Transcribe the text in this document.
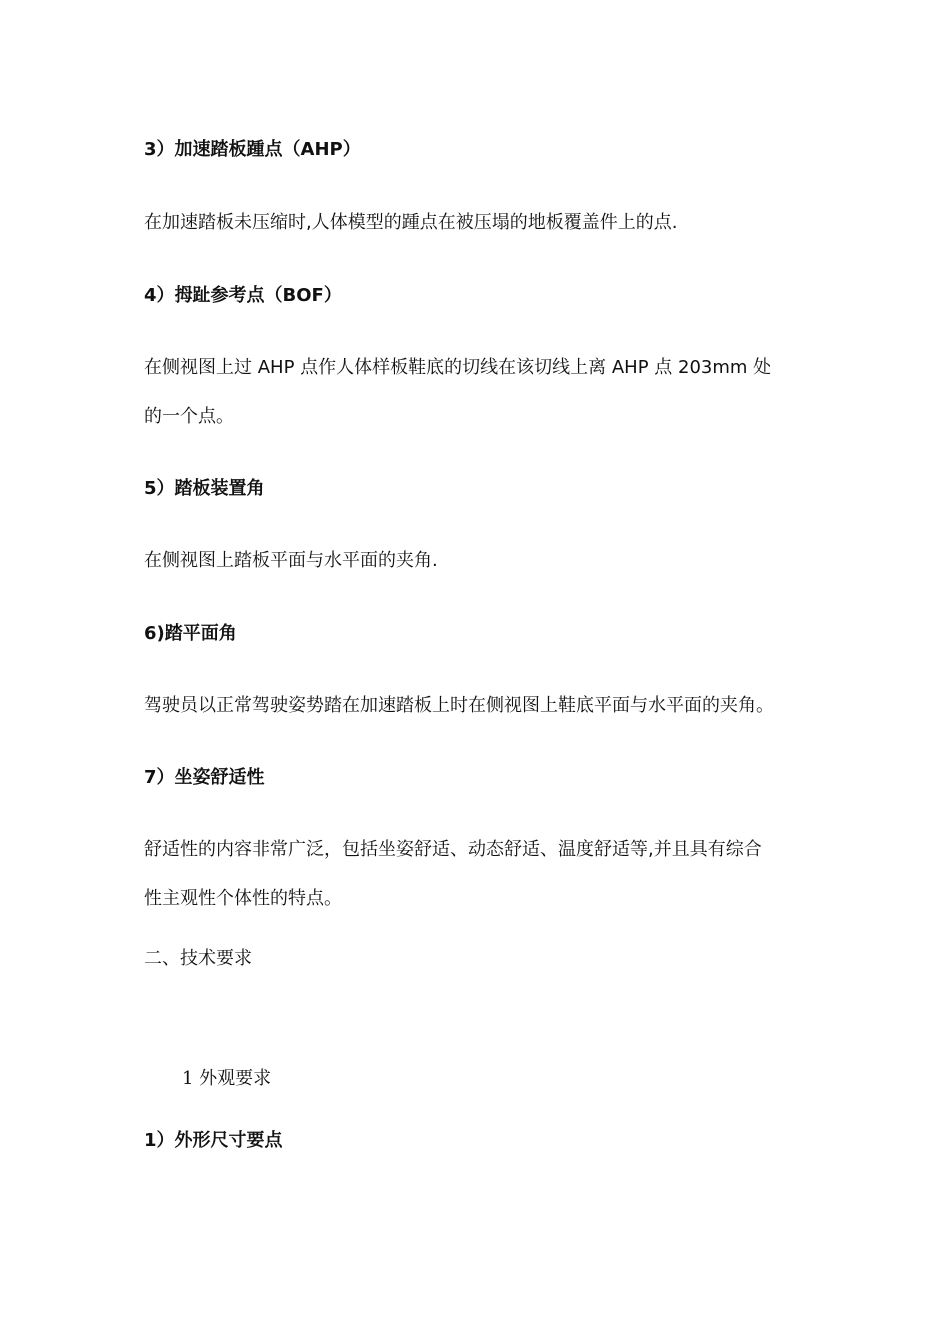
3）加速踏板踵点（AHP）
在加速踏板未压缩时,人体模型的踵点在被压塌的地板覆盖件上的点.
4）拇趾参考点（BOF）
在侧视图上过 AHP 点作人体样板鞋底的切线在该切线上离 AHP 点 203mm 处
的一个点。
5）踏板装置角
在侧视图上踏板平面与水平面的夹角.
6)踏平面角
驾驶员以正常驾驶姿势踏在加速踏板上时在侧视图上鞋底平面与水平面的夹角。
7）坐姿舒适性
舒适性的内容非常广泛，包括坐姿舒适、动态舒适、温度舒适等,并且具有综合
性主观性个体性的特点。
二、技术要求
1 外观要求
1）外形尺寸要点
